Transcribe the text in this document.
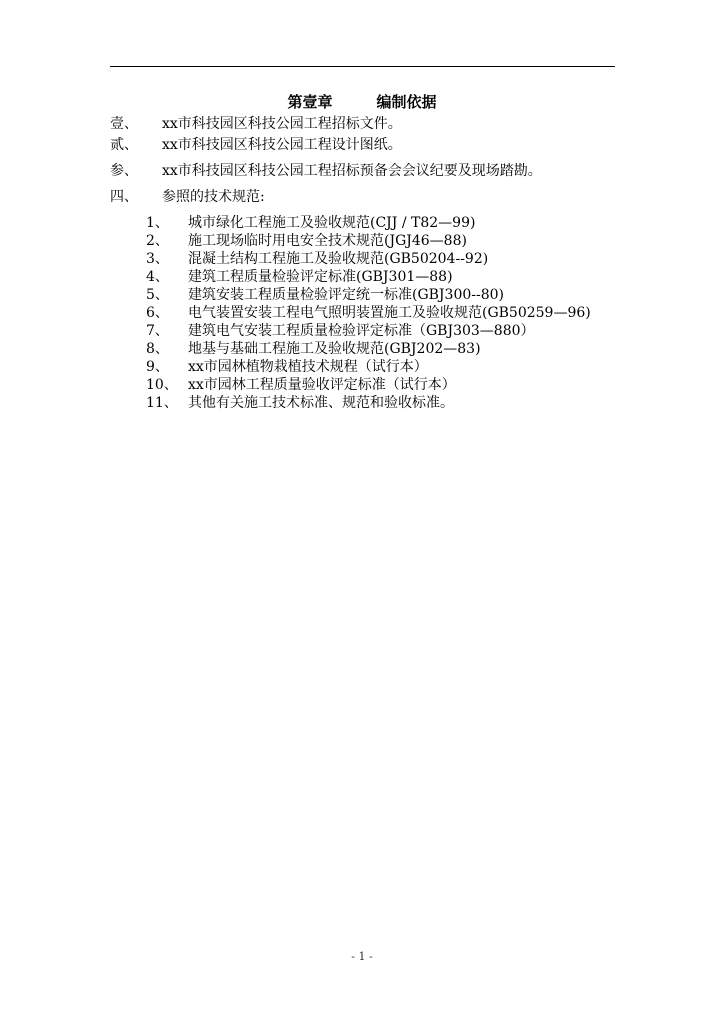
第壹章	编制依据
壹、 xx市科技园区科技公园工程招标文件。
贰、 xx市科技园区科技公园工程设计图纸。
参、 xx市科技园区科技公园工程招标预备会会议纪要及现场踏勘。
四、 参照的技术规范:
1、	城市绿化工程施工及验收规范(CJJ / T82—99)
2、	施工现场临时用电安全技术规范(JGJ46—88)
3、	混凝土结构工程施工及验收规范(GB50204--92)
4、	建筑工程质量检验评定标准(GBJ301—88)
5、	建筑安装工程质量检验评定统一标准(GBJ300--80)
6、	电气装置安装工程电气照明装置施工及验收规范(GB50259—96)
7、	建筑电气安装工程质量检验评定标准（GBJ303—880）
8、	地基与基础工程施工及验收规范(GBJ202—83)
9、	xx市园林植物栽植技术规程（试行本）
10、 xx市园林工程质量验收评定标准（试行本）
11、 其他有关施工技术标准、规范和验收标准。
- 1 -
